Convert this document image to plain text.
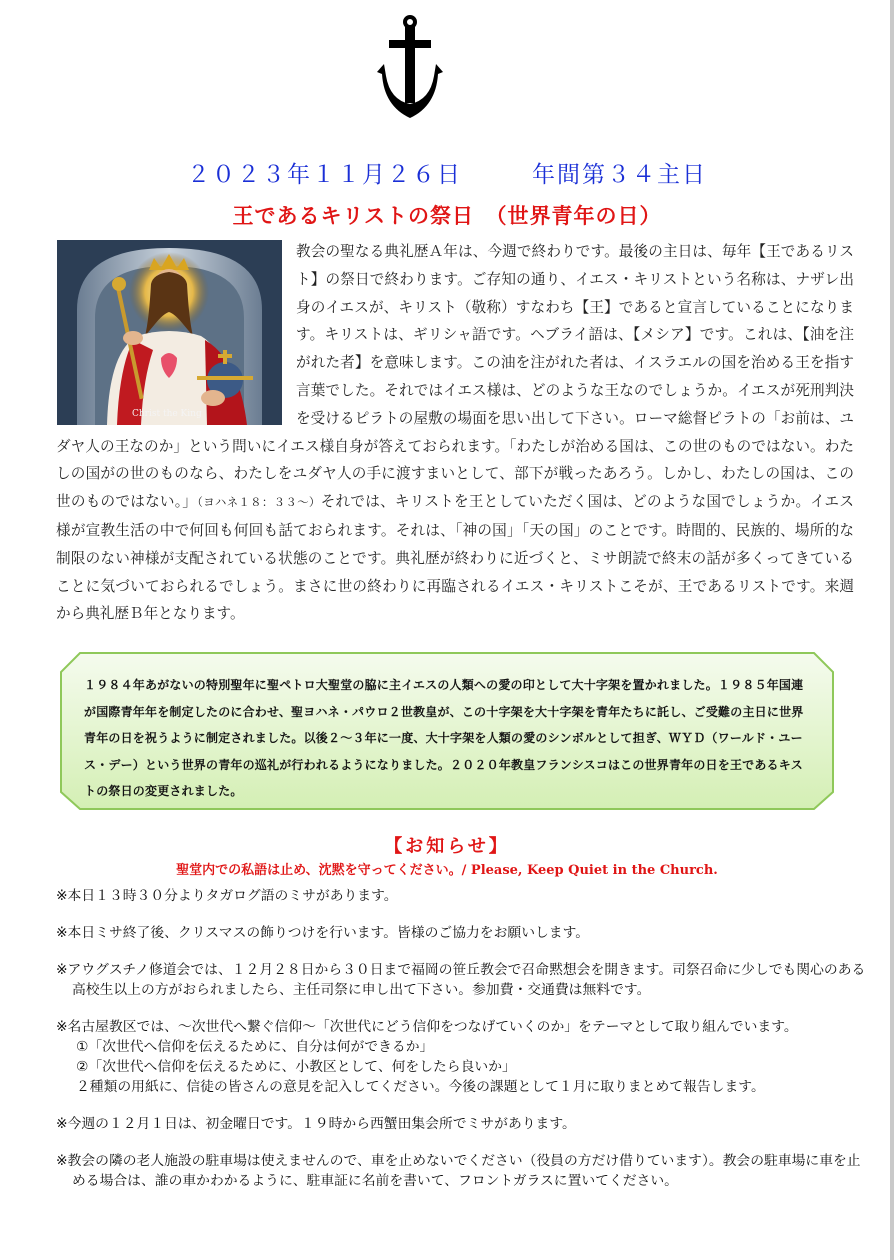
２０２３年１１月２６日	年間第３４主日
王であるキリストの祭日　（世界青年の日）
教会の聖なる典礼歴Ａ年は、今週で終わりです。最後の主日は、毎年【王であるリスト】の祭日で終わります。ご存知の通り、イエス・キリストという名称は、ナザレ出身のイエスが、キリスト（敬称）すなわち【王】であると宣言していることになります。キリストは、ギリシャ語です。ヘブライ語は、【メシア】です。これは、【油を注がれた者】を意味します。この油を注がれた者は、イスラエルの国を治める王を指す言葉でした。それではイエス様は、どのような王なのでしょうか。イエスが死刑判決を受けるピラトの屋敷の場面を思い出して下さい。ローマ総督ピラトの「お前は、ユダヤ人の王なのか」という問いにイエス様自身が答えておられます。「わたしが治める国は、この世のものではない。わたしの国がの世のものなら、わたしをユダヤ人の手に渡すまいとして、部下が戦ったあろう。しかし、わたしの国は、この世のものではない。」（ヨハネ１８：３３～）それでは、キリストを王としていただく国は、どのような国でしょうか。イエス様が宣教生活の中で何回も何回も話ておられます。それは、「神の国」「天の国」のことです。時間的、民族的、場所的な制限のない神様が支配されている状態のことです。典礼歴が終わりに近づくと、ミサ朗読で終末の話が多くってきていることに気づいておられるでしょう。まさに世の終わりに再臨されるイエス・キリストこそが、王であるリストです。来週から典礼歴Ｂ年となります。
Christ the King
１９８４年あがないの特別聖年に聖ペトロ大聖堂の脇に主イエスの人類への愛の印として大十字架を置かれました。１９８５年国連が国際青年年を制定したのに合わせ、聖ヨハネ・パウロ２世教皇が、この十字架を大十字架を青年たちに託し、ご受難の主日に世界青年の日を祝うように制定されました。以後２～３年に一度、大十字架を人類の愛のシンボルとして担ぎ、ＷＹＤ（ワールド・ユース・デー）という世界の青年の巡礼が行われるようになりました。２０２０年教皇フランシスコはこの世界青年の日を王であるキストの祭日の変更されました。
【お知らせ】
聖堂内での私語は止め、沈黙を守ってください。/ Please, Keep Quiet in the Church.
※本日１３時３０分よりタガログ語のミサがあります。
※本日ミサ終了後、クリスマスの飾りつけを行います。皆様のご協力をお願いします。
※アウグスチノ修道会では、１２月２８日から３０日まで福岡の笹丘教会で召命黙想会を開きます。司祭召命に少しでも関心のある高校生以上の方がおられましたら、主任司祭に申し出て下さい。参加費・交通費は無料です。
※名古屋教区では、～次世代へ繋ぐ信仰～「次世代にどう信仰をつなげていくのか」をテーマとして取り組んでいます。
①「次世代へ信仰を伝えるために、自分は何ができるか」
②「次世代へ信仰を伝えるために、小教区として、何をしたら良いか」
２種類の用紙に、信徒の皆さんの意見を記入してください。今後の課題として１月に取りまとめて報告します。
※今週の１２月１日は、初金曜日です。１９時から西蟹田集会所でミサがあります。
※教会の隣の老人施設の駐車場は使えませんので、車を止めないでください（役員の方だけ借りています）。教会の駐車場に車を止める場合は、誰の車かわかるように、駐車証に名前を書いて、フロントガラスに置いてください。
